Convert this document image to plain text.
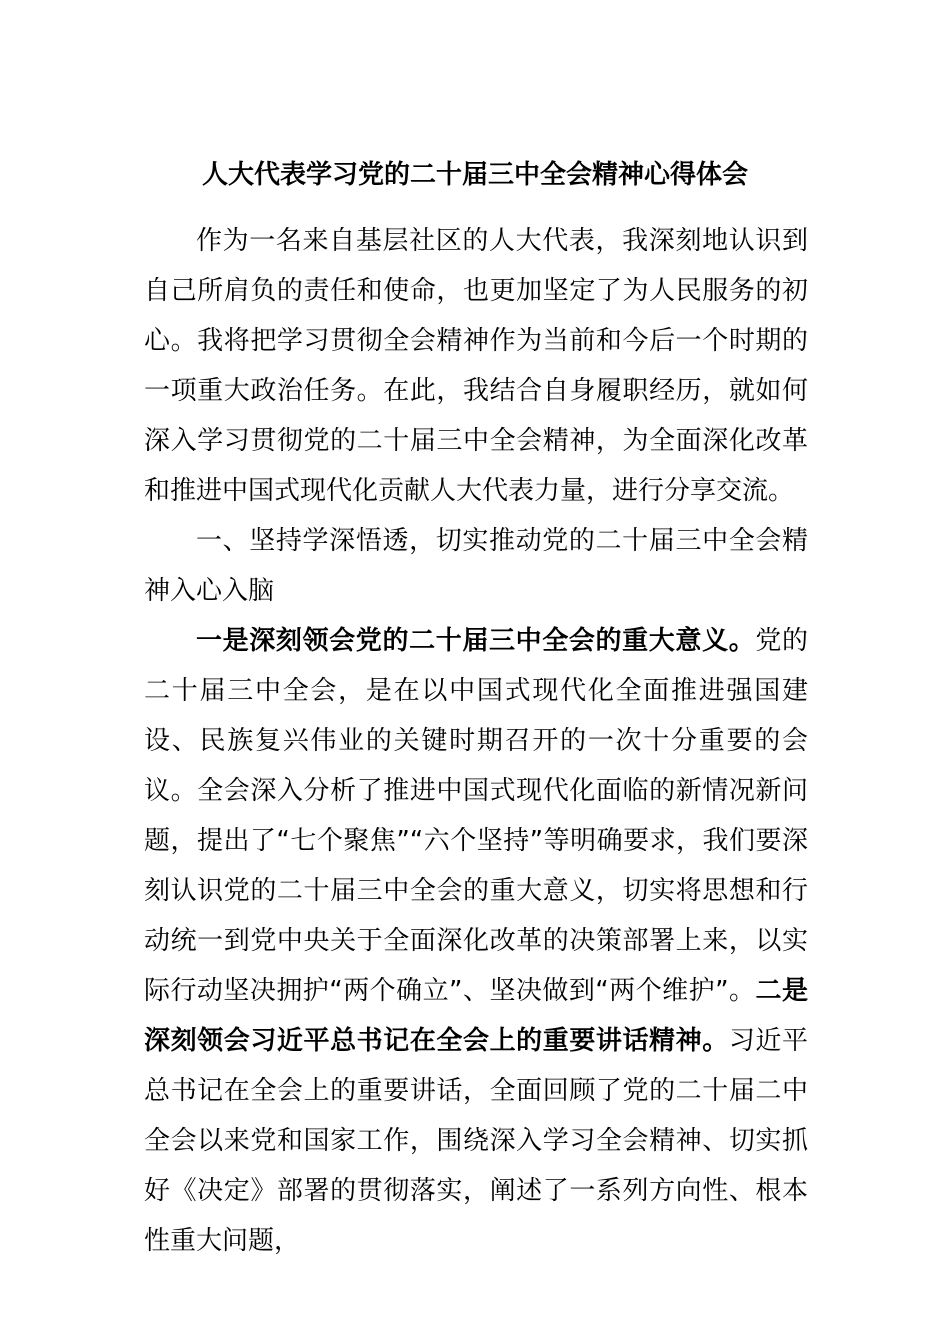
人大代表学习党的二十届三中全会精神心得体会

作为一名来自基层社区的人大代表，我深刻地认识到自己所肩负的责任和使命，也更加坚定了为人民服务的初心。我将把学习贯彻全会精神作为当前和今后一个时期的一项重大政治任务。在此，我结合自身履职经历，就如何深入学习贯彻党的二十届三中全会精神，为全面深化改革和推进中国式现代化贡献人大代表力量，进行分享交流。

一、坚持学深悟透，切实推动党的二十届三中全会精神入心入脑

一是深刻领会党的二十届三中全会的重大意义。党的二十届三中全会，是在以中国式现代化全面推进强国建设、民族复兴伟业的关键时期召开的一次十分重要的会议。全会深入分析了推进中国式现代化面临的新情况新问题，提出了“七个聚焦”“六个坚持”等明确要求，我们要深刻认识党的二十届三中全会的重大意义，切实将思想和行动统一到党中央关于全面深化改革的决策部署上来，以实际行动坚决拥护“两个确立”、坚决做到“两个维护”。二是深刻领会习近平总书记在全会上的重要讲话精神。习近平总书记在全会上的重要讲话，全面回顾了党的二十届二中全会以来党和国家工作，围绕深入学习全会精神、切实抓好《决定》部署的贯彻落实，阐述了一系列方向性、根本性重大问题，
